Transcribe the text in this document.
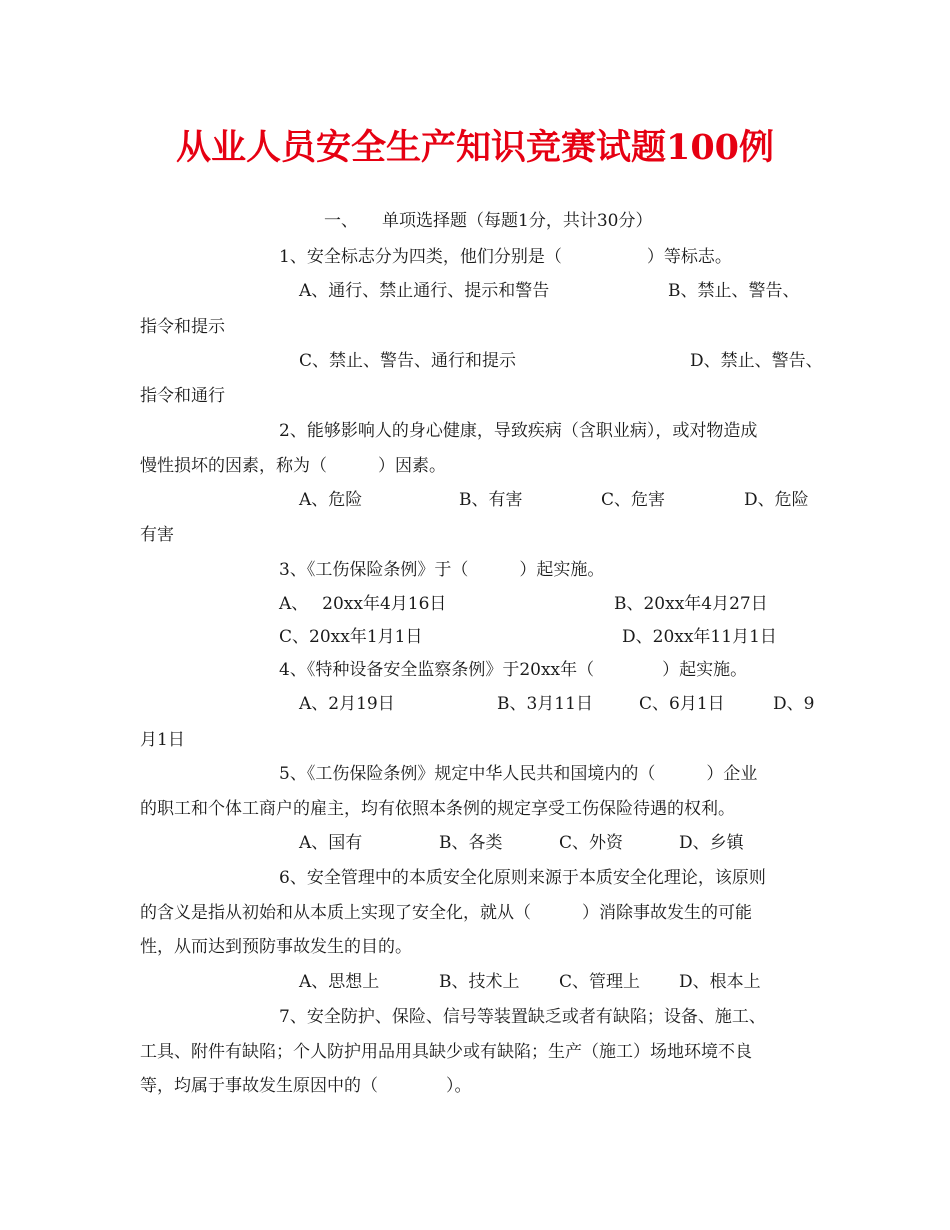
从业人员安全生产知识竞赛试题100例
一、 单项选择题（每题1分，共计30分）
1、安全标志分为四类，他们分别是（　　　　　）等标志。
A、通行、禁止通行、提示和警告	B、禁止、警告、
指令和提示
C、禁止、警告、通行和提示	D、禁止、警告、
指令和通行
2、能够影响人的身心健康，导致疾病（含职业病），或对物造成
慢性损坏的因素，称为（　　　）因素。
A、危险	B、有害	C、危害	D、危险
有害
3、《工伤保险条例》于（　　　）起实施。
A、　 20xx年4月16日	B、20xx年4月27日
C、20xx年1月1日	D、20xx年11月1日
4、《特种设备安全监察条例》于20xx年（　　　　）起实施。
A、2月19日	B、3月11日	C、6月1日	D、9
月1日
5、《工伤保险条例》规定中华人民共和国境内的（　　　）企业
的职工和个体工商户的雇主，均有依照本条例的规定享受工伤保险待遇的权利。
A、国有	B、各类	C、外资	D、乡镇
6、安全管理中的本质安全化原则来源于本质安全化理论，该原则
的含义是指从初始和从本质上实现了安全化，就从（　　　）消除事故发生的可能
性，从而达到预防事故发生的目的。
A、思想上	B、技术上 C、管理上 D、根本上
7、安全防护、保险、信号等装置缺乏或者有缺陷；设备、施工、
工具、附件有缺陷；个人防护用品用具缺少或有缺陷；生产（施工）场地环境不良
等，均属于事故发生原因中的（　　　　）。
